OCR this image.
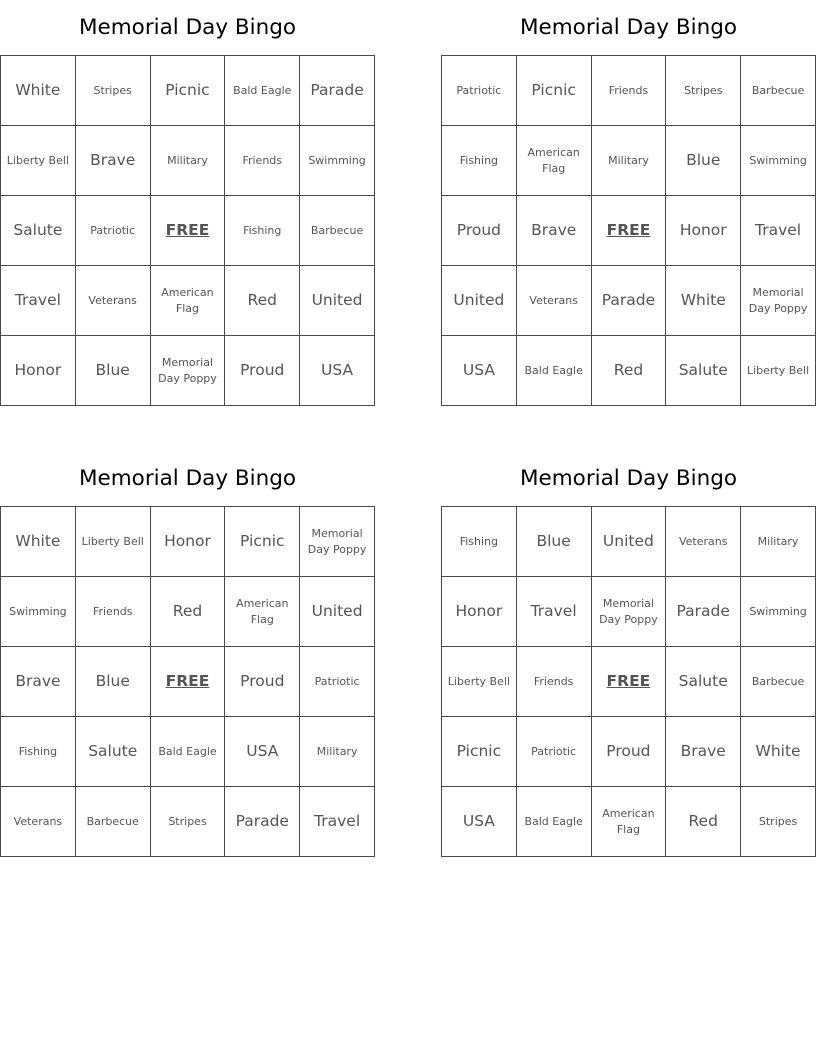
Memorial Day Bingo
White	Stripes	Picnic	Bald Eagle	Parade
Liberty Bell	Brave	Military	Friends	Swimming
Salute	Patriotic	FREE	Fishing	Barbecue
Travel	Veterans	American Flag	Red	United
Honor	Blue	Memorial Day Poppy	Proud	USA
Memorial Day Bingo
Patriotic	Picnic	Friends	Stripes	Barbecue
Fishing	American Flag	Military	Blue	Swimming
Proud	Brave	FREE	Honor	Travel
United	Veterans	Parade	White	Memorial Day Poppy
USA	Bald Eagle	Red	Salute	Liberty Bell
Memorial Day Bingo
White	Liberty Bell	Honor	Picnic	Memorial Day Poppy
Swimming	Friends	Red	American Flag	United
Brave	Blue	FREE	Proud	Patriotic
Fishing	Salute	Bald Eagle	USA	Military
Veterans	Barbecue	Stripes	Parade	Travel
Memorial Day Bingo
Fishing	Blue	United	Veterans	Military
Honor	Travel	Memorial Day Poppy	Parade	Swimming
Liberty Bell	Friends	FREE	Salute	Barbecue
Picnic	Patriotic	Proud	Brave	White
USA	Bald Eagle	American Flag	Red	Stripes
